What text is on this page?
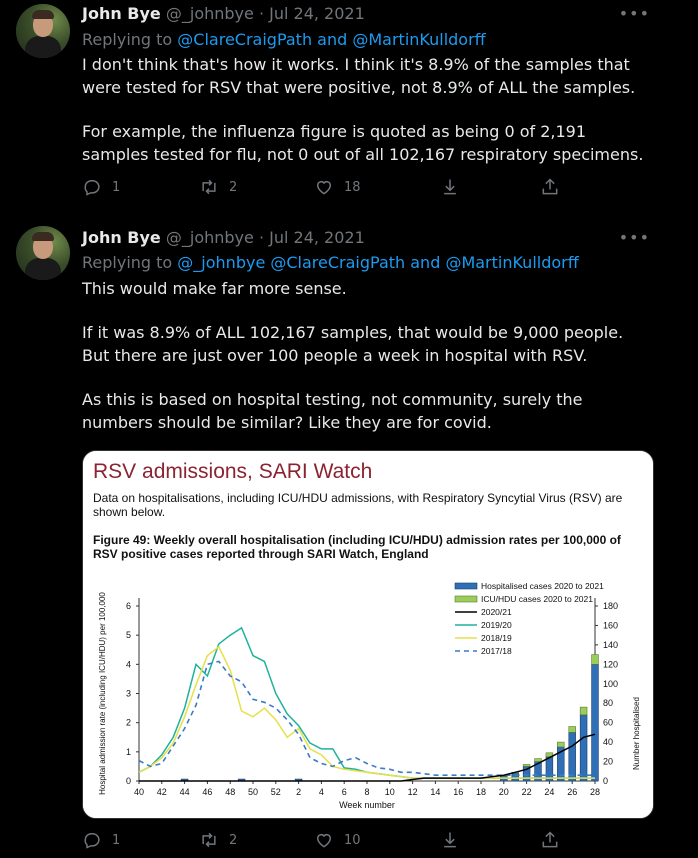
John Bye @_johnbye · Jul 24, 2021	•••
Replying to @ClareCraigPath and @MartinKulldorff

I don't think that's how it works. I think it's 8.9% of the samples that were tested for RSV that were positive, not 8.9% of ALL the samples.

For example, the influenza figure is quoted as being 0 of 2,191 samples tested for flu, not 0 out of all 102,167 respiratory specimens.

1	2	18
John Bye @_johnbye · Jul 24, 2021	•••
Replying to @_johnbye @ClareCraigPath and @MartinKulldorff

This would make far more sense.

If it was 8.9% of ALL 102,167 samples, that would be 9,000 people. But there are just over 100 people a week in hospital with RSV.

As this is based on hospital testing, not community, surely the numbers should be similar? Like they are for covid.

RSV admissions, SARI Watch
Data on hospitalisations, including ICU/HDU admissions, with Respiratory Syncytial Virus (RSV) are shown below.
Figure 49: Weekly overall hospitalisation (including ICU/HDU) admission rates per 100,000 of RSV positive cases reported through SARI Watch, England
0
1
2
3
4
5
6
0
20
40
60
80
100
120
140
160
180
40 42 44 46 48 50 52 2 4 6 8 10 12 14 16 18 20 22 24 26 28
Week number
Hospital admission rate (including ICU/HDU) per 100,000	Number hospitalised
Hospitalised cases 2020 to 2021
ICU/HDU cases 2020 to 2021
2020/21
2019/20
2018/19
2017/18
1	2	10
